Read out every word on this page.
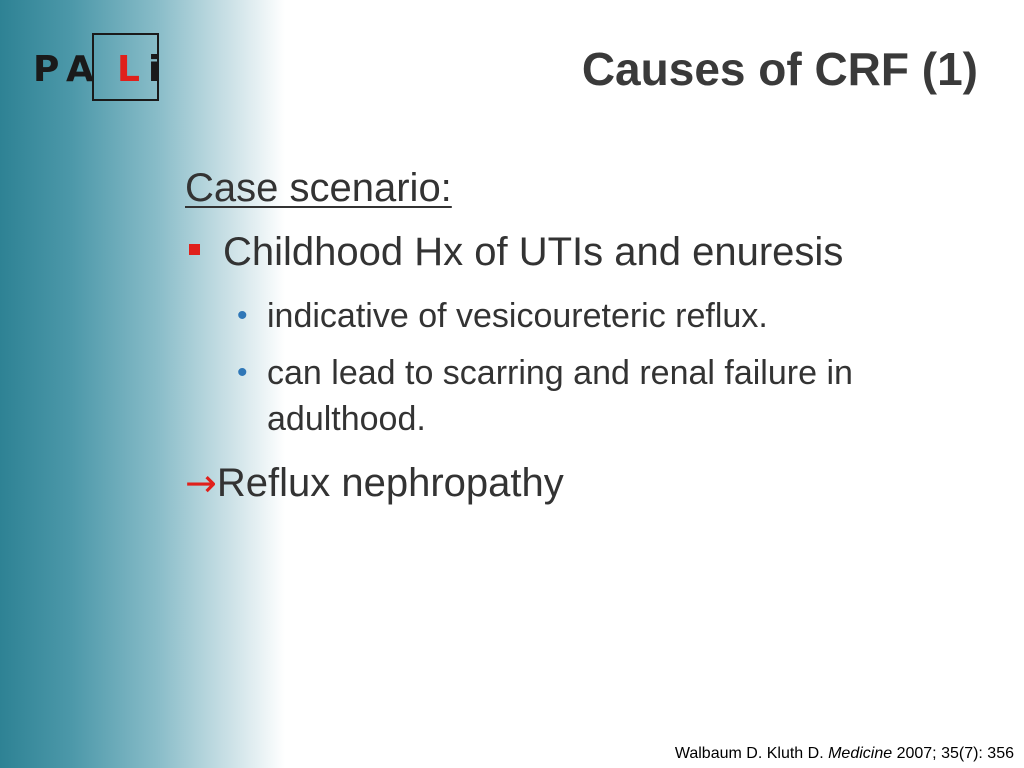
P A L i	Causes of CRF (1)
Case scenario:
Childhood Hx of UTIs and enuresis
• indicative of vesicoureteric reflux.
• can lead to scarring and renal failure in adulthood.
→Reflux nephropathy
Walbaum D. Kluth D. Medicine 2007; 35(7): 356
